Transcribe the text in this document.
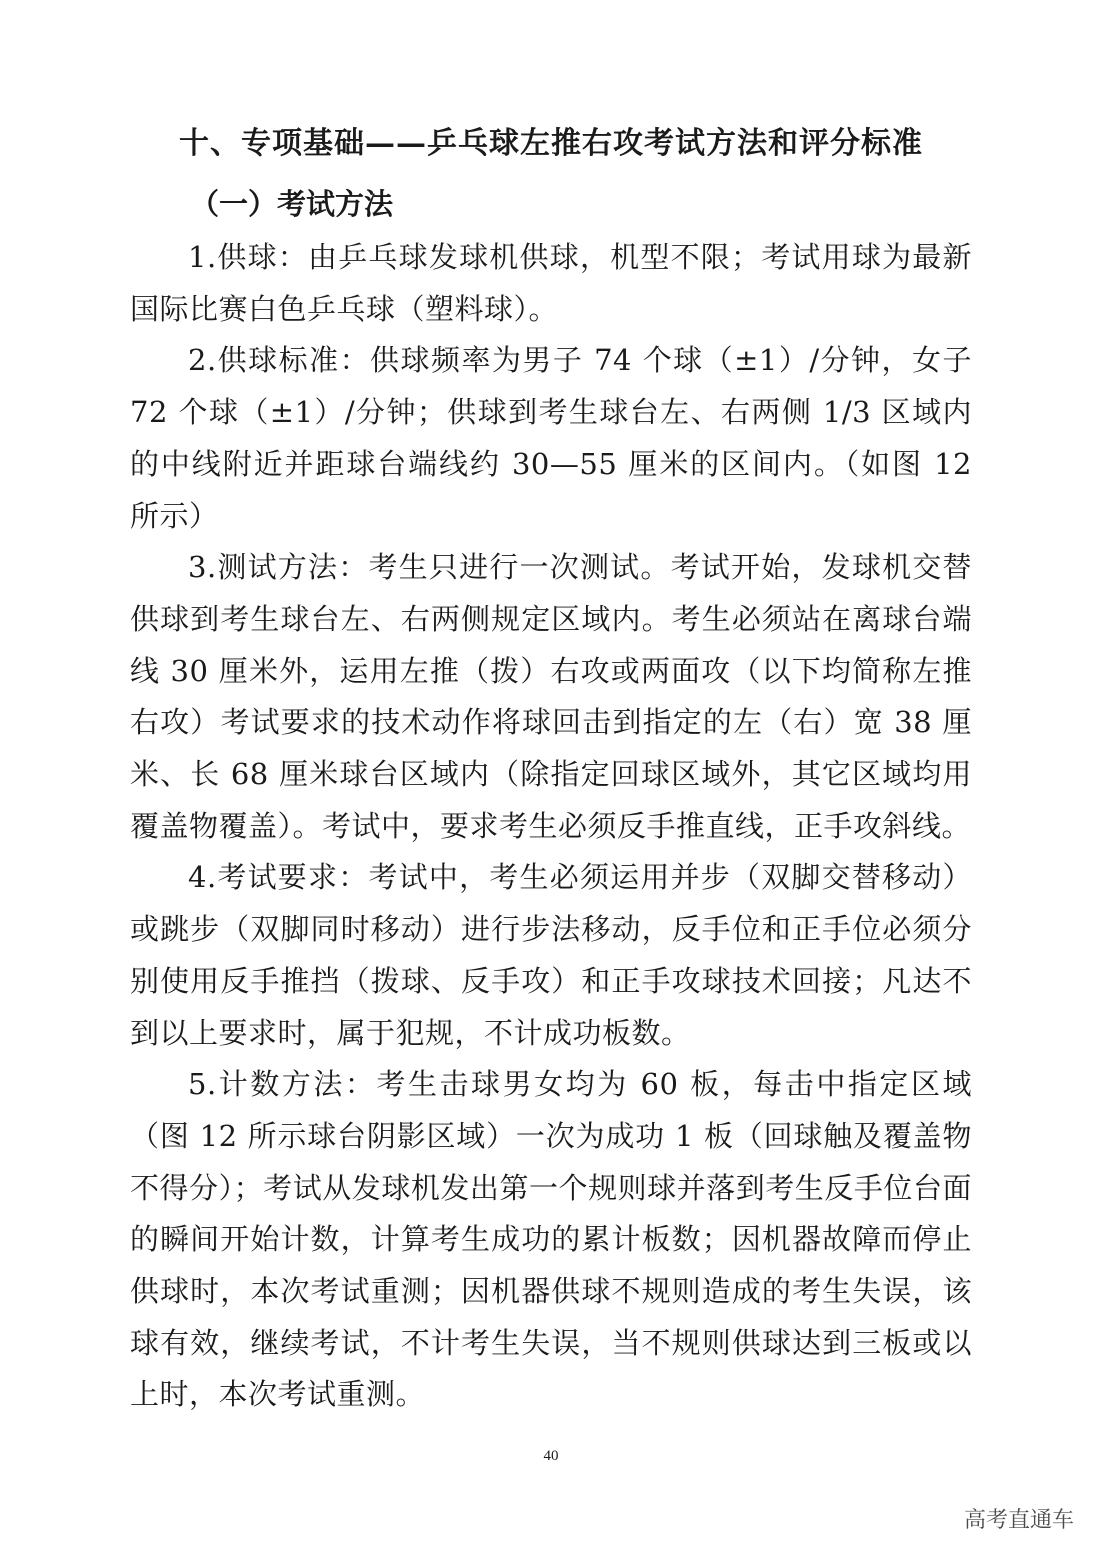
十、专项基础——乒乓球左推右攻考试方法和评分标准
（一）考试方法

1.供球：由乒乓球发球机供球，机型不限；考试用球为最新国际比赛白色乒乓球（塑料球）。

2.供球标准：供球频率为男子 74 个球（±1）/分钟，女子 72 个球（±1）/分钟；供球到考生球台左、右两侧 1/3 区域内的中线附近并距球台端线约 30—55 厘米的区间内。（如图 12 所示）

3.测试方法：考生只进行一次测试。考试开始，发球机交替供球到考生球台左、右两侧规定区域内。考生必须站在离球台端线 30 厘米外，运用左推（拨）右攻或两面攻（以下均简称左推右攻）考试要求的技术动作将球回击到指定的左（右）宽 38 厘米、长 68 厘米球台区域内（除指定回球区域外，其它区域均用覆盖物覆盖）。考试中，要求考生必须反手推直线，正手攻斜线。

4.考试要求：考试中，考生必须运用并步（双脚交替移动）或跳步（双脚同时移动）进行步法移动，反手位和正手位必须分别使用反手推挡（拨球、反手攻）和正手攻球技术回接；凡达不到以上要求时，属于犯规，不计成功板数。

5.计数方法：考生击球男女均为 60 板，每击中指定区域（图 12 所示球台阴影区域）一次为成功 1 板（回球触及覆盖物不得分）；考试从发球机发出第一个规则球并落到考生反手位台面的瞬间开始计数，计算考生成功的累计板数；因机器故障而停止供球时，本次考试重测；因机器供球不规则造成的考生失误，该球有效，继续考试，不计考生失误，当不规则供球达到三板或以上时，本次考试重测。

40
高考直通车
